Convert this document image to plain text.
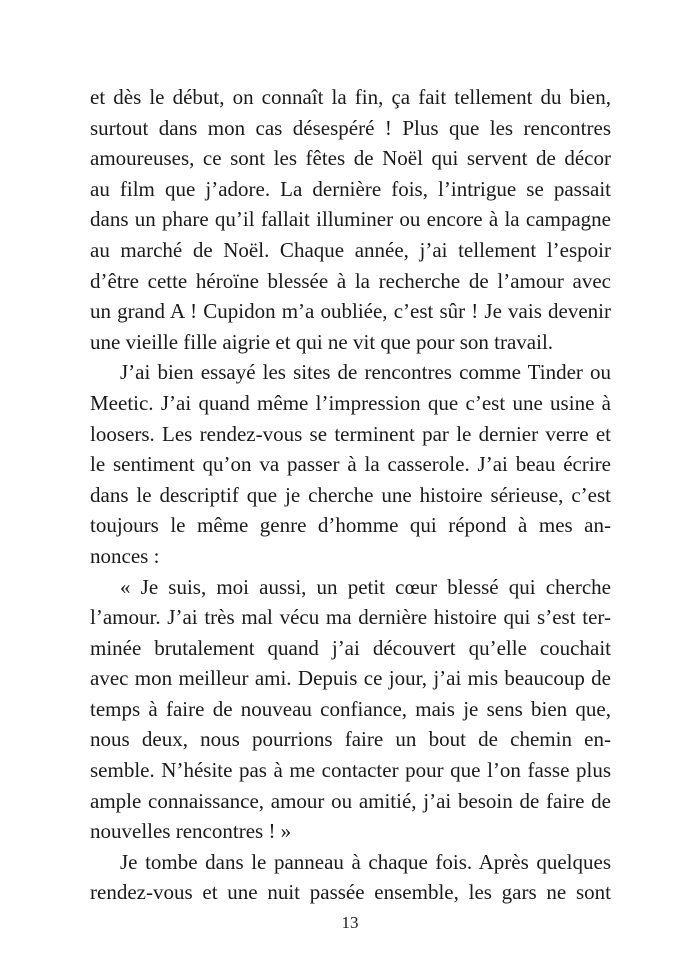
et dès le début, on connaît la fin, ça fait tellement du bien,
surtout dans mon cas désespéré ! Plus que les rencontres
amoureuses, ce sont les fêtes de Noël qui servent de décor
au film que j’adore. La dernière fois, l’intrigue se passait
dans un phare qu’il fallait illuminer ou encore à la campagne
au marché de Noël. Chaque année, j’ai tellement l’espoir
d’être cette héroïne blessée à la recherche de l’amour avec
un grand A ! Cupidon m’a oubliée, c’est sûr ! Je vais devenir
une vieille fille aigrie et qui ne vit que pour son travail.
J’ai bien essayé les sites de rencontres comme Tinder ou
Meetic. J’ai quand même l’impression que c’est une usine à
loosers. Les rendez-vous se terminent par le dernier verre et
le sentiment qu’on va passer à la casserole. J’ai beau écrire
dans le descriptif que je cherche une histoire sérieuse, c’est
toujours le même genre d’homme qui répond à mes an-
nonces :
« Je suis, moi aussi, un petit cœur blessé qui cherche
l’amour. J’ai très mal vécu ma dernière histoire qui s’est ter-
minée brutalement quand j’ai découvert qu’elle couchait
avec mon meilleur ami. Depuis ce jour, j’ai mis beaucoup de
temps à faire de nouveau confiance, mais je sens bien que,
nous deux, nous pourrions faire un bout de chemin en-
semble. N’hésite pas à me contacter pour que l’on fasse plus
ample connaissance, amour ou amitié, j’ai besoin de faire de
nouvelles rencontres ! »
Je tombe dans le panneau à chaque fois. Après quelques
rendez-vous et une nuit passée ensemble, les gars ne sont
13
